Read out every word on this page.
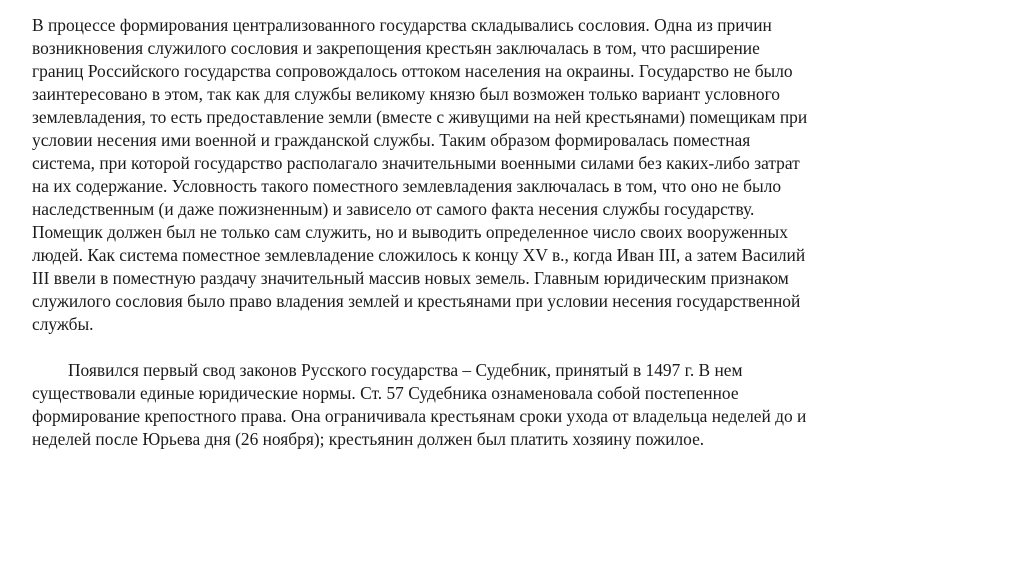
В процессе формирования централизованного государства складывались сословия. Одна из причин
возникновения служилого сословия и закрепощения крестьян заключалась в том, что расширение
границ Российского государства сопровождалось оттоком населения на окраины. Государство не было
заинтересовано в этом, так как для службы великому князю был возможен только вариант условного
землевладения, то есть предоставление земли (вместе с живущими на ней крестьянами) помещикам при
условии несения ими военной и гражданской службы. Таким образом формировалась поместная
система, при которой государство располагало значительными военными силами без каких-либо затрат
на их содержание. Условность такого поместного землевладения заключалась в том, что оно не было
наследственным (и даже пожизненным) и зависело от самого факта несения службы государству.
Помещик должен был не только сам служить, но и выводить определенное число своих вооруженных
людей. Как система поместное землевладение сложилось к концу XV в., когда Иван III, а затем Василий
III ввели в поместную раздачу значительный массив новых земель. Главным юридическим признаком
служилого сословия было право владения землей и крестьянами при условии несения государственной
службы.
Появился первый свод законов Русского государства – Судебник, принятый в 1497 г. В нем
существовали единые юридические нормы. Ст. 57 Судебника ознаменовала собой постепенное
формирование крепостного права. Она ограничивала крестьянам сроки ухода от владельца неделей до и
неделей после Юрьева дня (26 ноября); крестьянин должен был платить хозяину пожилое.
